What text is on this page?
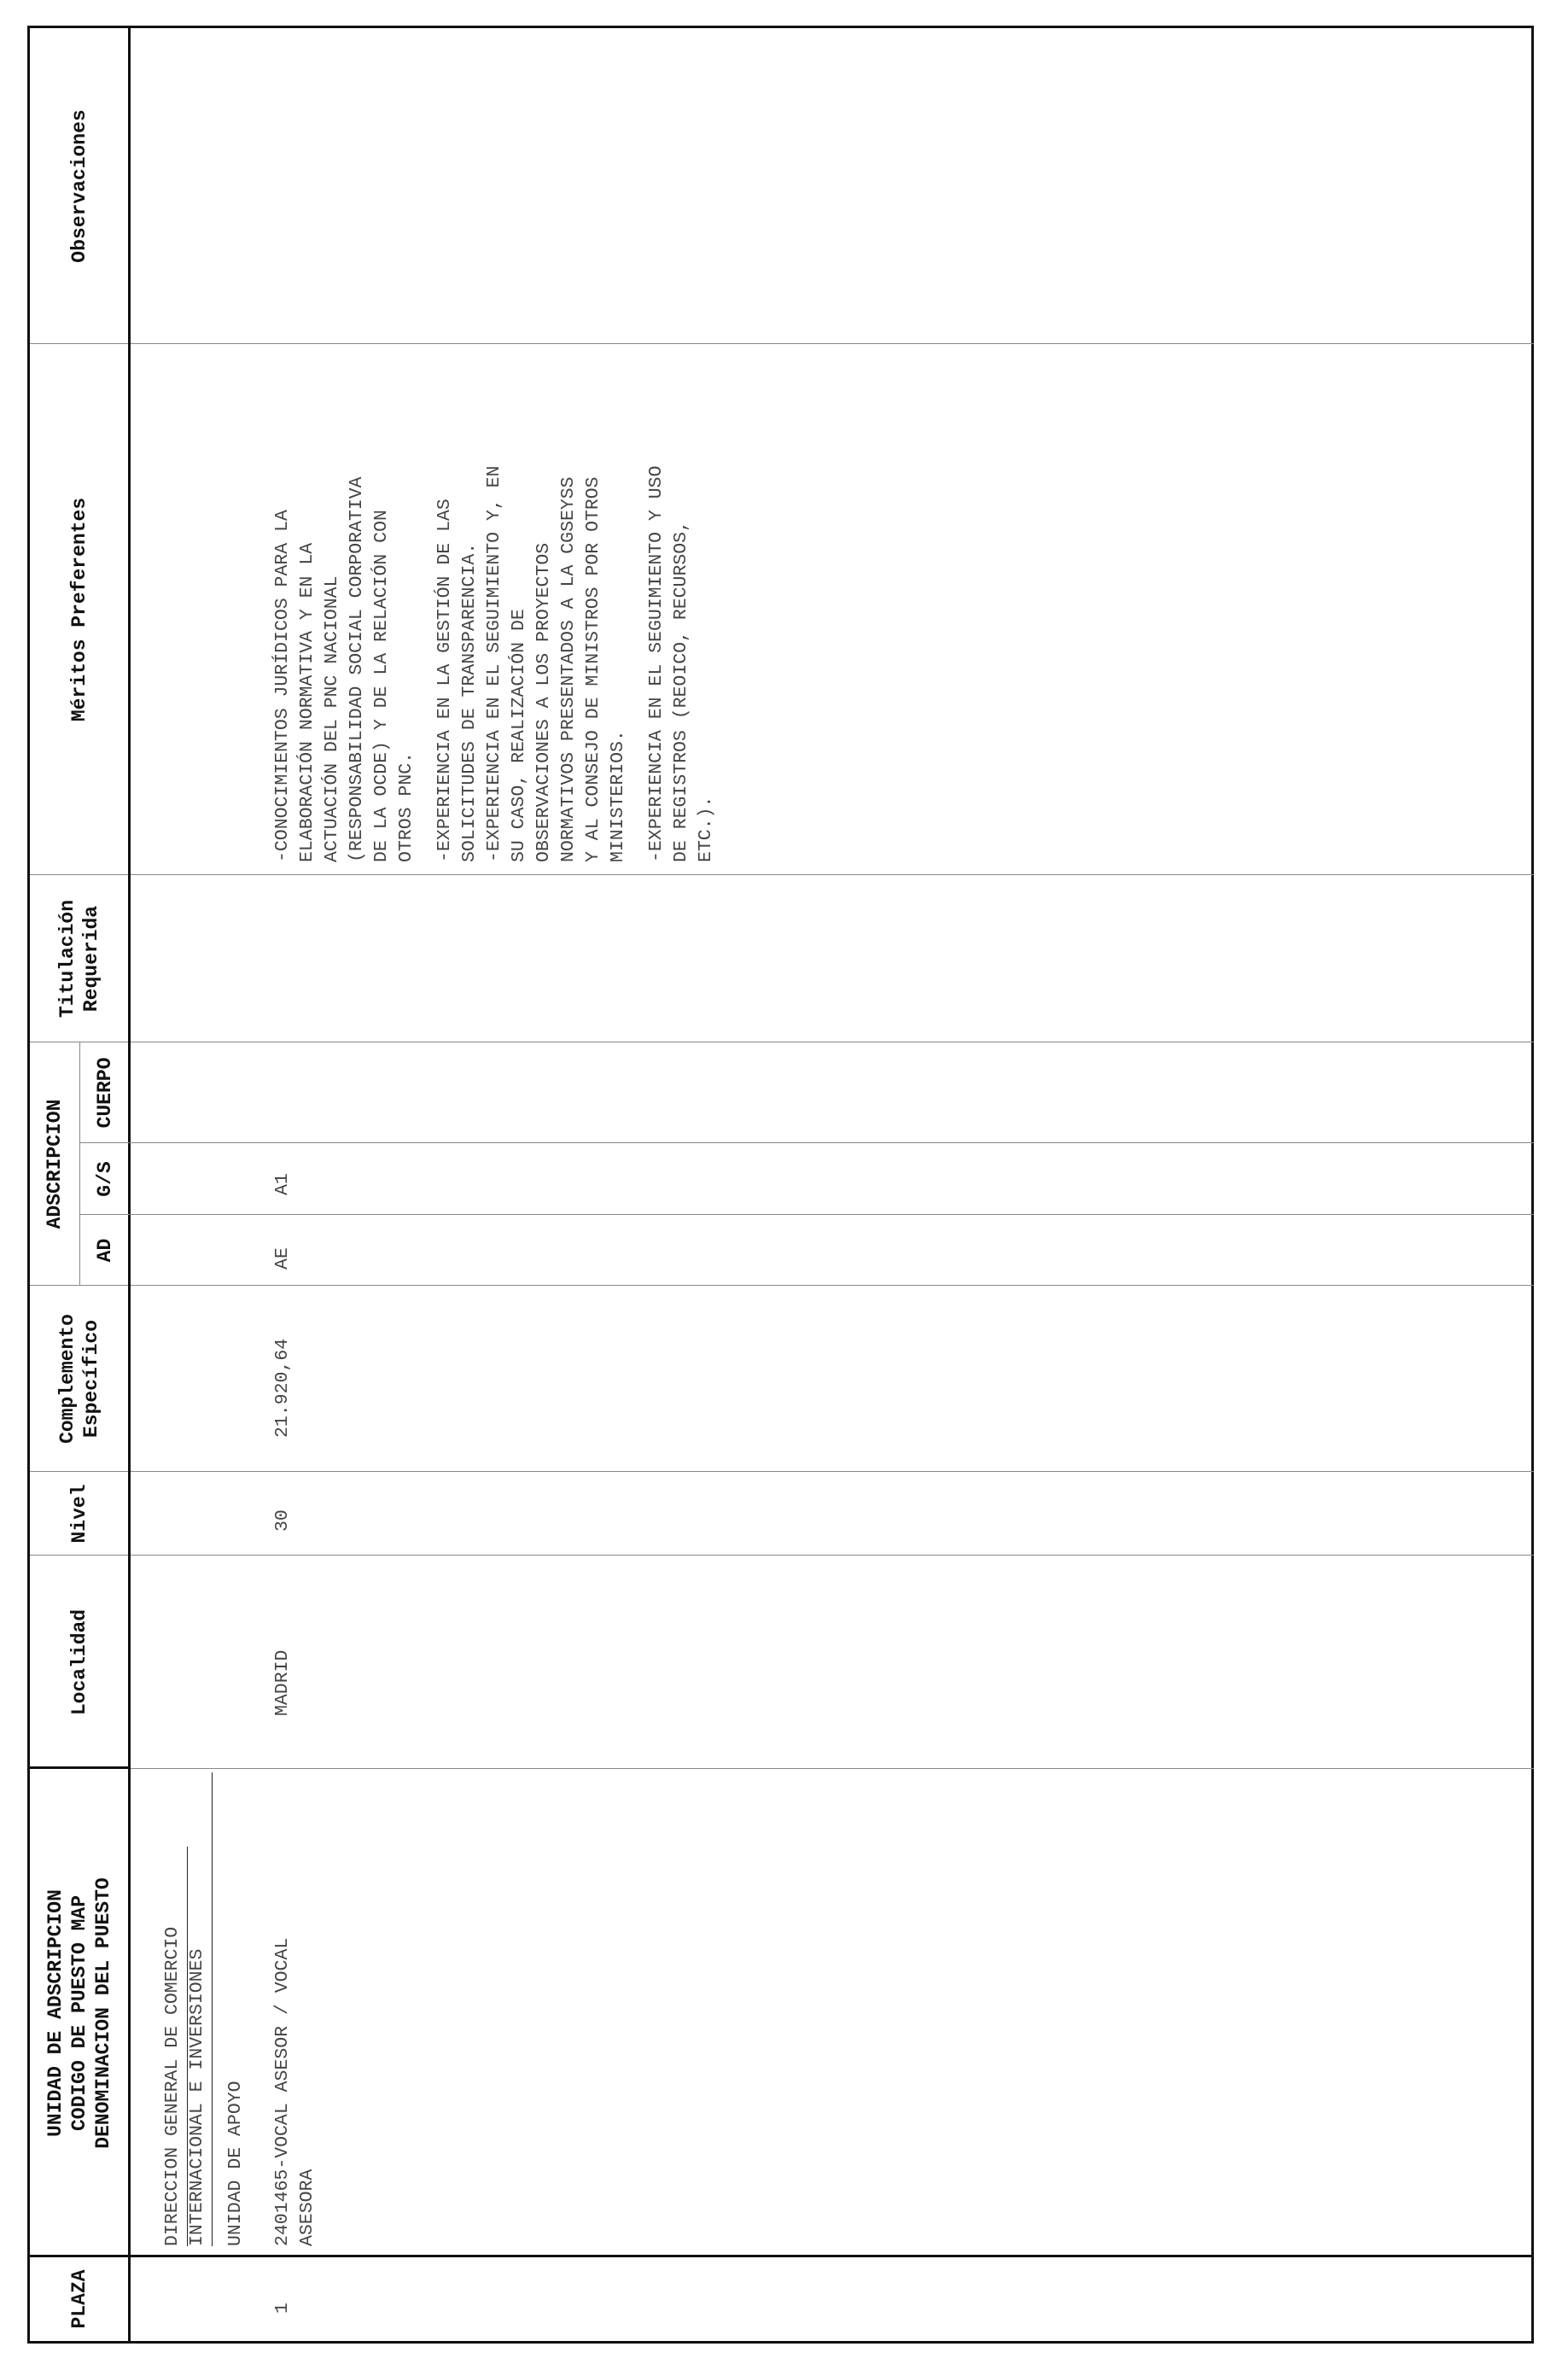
PLAZA
UNIDAD DE ADSCRIPCION
CODIGO DE PUESTO MAP
DENOMINACION DEL PUESTO
Localidad
Nivel
Complemento
Específico
ADSCRIPCION
AD
G/S
CUERPO
Titulación
Requerida
Méritos Preferentes
Observaciones
DIRECCION GENERAL DE COMERCIO INTERNACIONAL E INVERSIONES UNIDAD DE APOYO
1
2401465-VOCAL ASESOR / VOCAL
ASESORA
MADRID
30
21.920,64
AE
A1
-CONOCIMIENTOS JURÍDICOS PARA LA
ELABORACIÓN NORMATIVA Y EN LA
ACTUACIÓN DEL PNC NACIONAL
(RESPONSABILIDAD SOCIAL CORPORATIVA
DE LA OCDE) Y DE LA RELACIÓN CON
OTROS PNC. -EXPERIENCIA EN LA GESTIÓN DE LAS
SOLICITUDES DE TRANSPARENCIA.
-EXPERIENCIA EN EL SEGUIMIENTO Y, EN
SU CASO, REALIZACIÓN DE
OBSERVACIONES A LOS PROYECTOS
NORMATIVOS PRESENTADOS A LA CGSEYSS
Y AL CONSEJO DE MINISTROS POR OTROS
MINISTERIOS. -EXPERIENCIA EN EL SEGUIMIENTO Y USO
DE REGISTROS (REOICO, RECURSOS,
ETC.).
